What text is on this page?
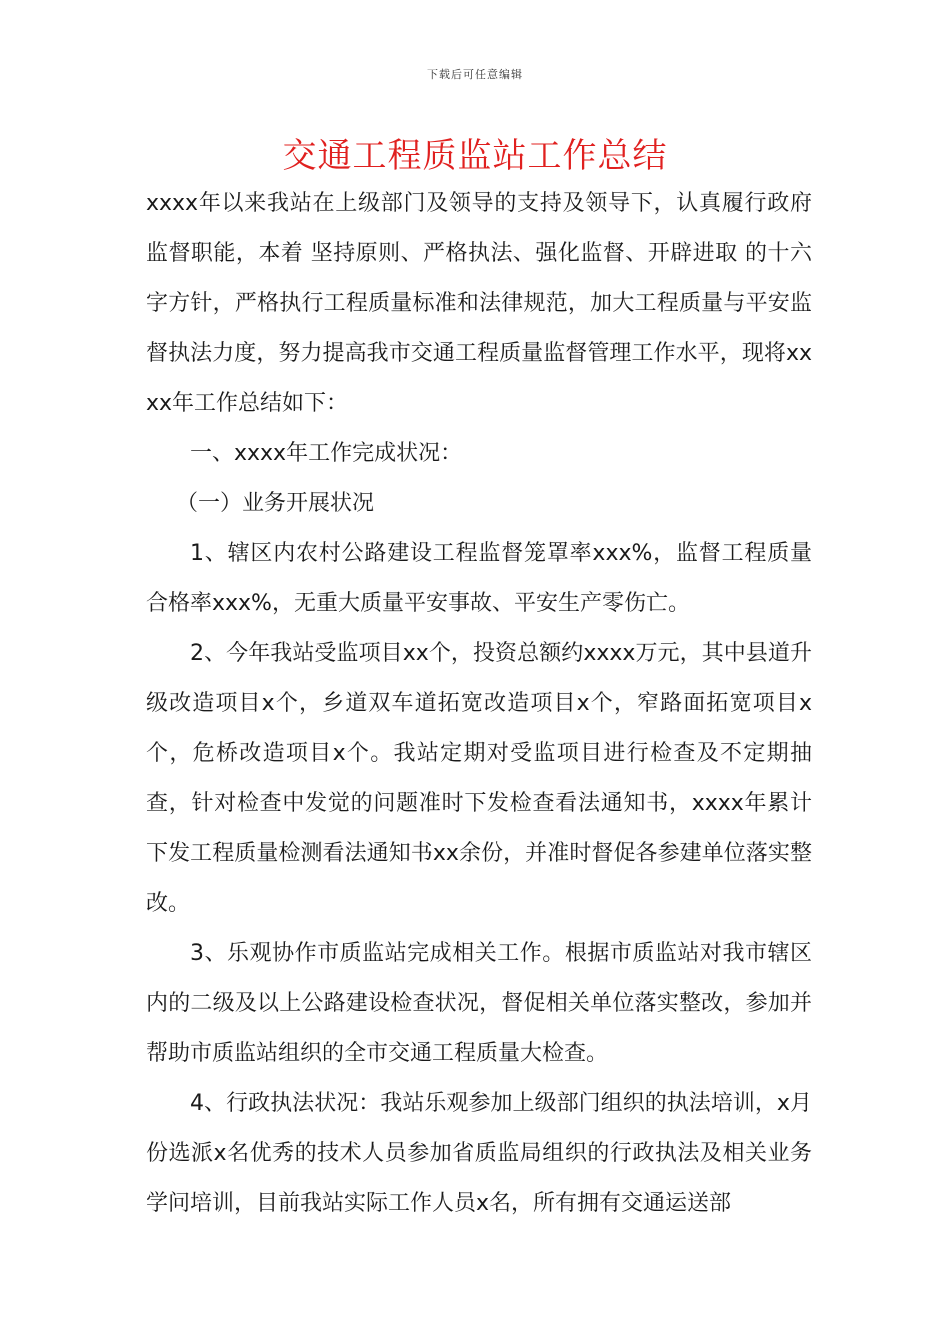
下载后可任意编辑
交通工程质监站工作总结

xxxx年以来我站在上级部门及领导的支持及领导下，认真履行政府监督职能，本着 坚持原则、严格执法、强化监督、开辟进取 的十六字方针，严格执行工程质量标准和法律规范，加大工程质量与平安监督执法力度，努力提高我市交通工程质量监督管理工作水平，现将xxxx年工作总结如下：

一、xxxx年工作完成状况：

（一）业务开展状况

1、辖区内农村公路建设工程监督笼罩率xxx%，监督工程质量合格率xxx%，无重大质量平安事故、平安生产零伤亡。

2、今年我站受监项目xx个，投资总额约xxxx万元，其中县道升级改造项目x个，乡道双车道拓宽改造项目x个，窄路面拓宽项目x个，危桥改造项目x个。我站定期对受监项目进行检查及不定期抽查，针对检查中发觉的问题准时下发检查看法通知书，xxxx年累计下发工程质量检测看法通知书xx余份，并准时督促各参建单位落实整改。

3、乐观协作市质监站完成相关工作。根据市质监站对我市辖区内的二级及以上公路建设检查状况，督促相关单位落实整改，参加并帮助市质监站组织的全市交通工程质量大检查。

4、行政执法状况：我站乐观参加上级部门组织的执法培训，x月份选派x名优秀的技术人员参加省质监局组织的行政执法及相关业务学问培训，目前我站实际工作人员x名，所有拥有交通运送部
